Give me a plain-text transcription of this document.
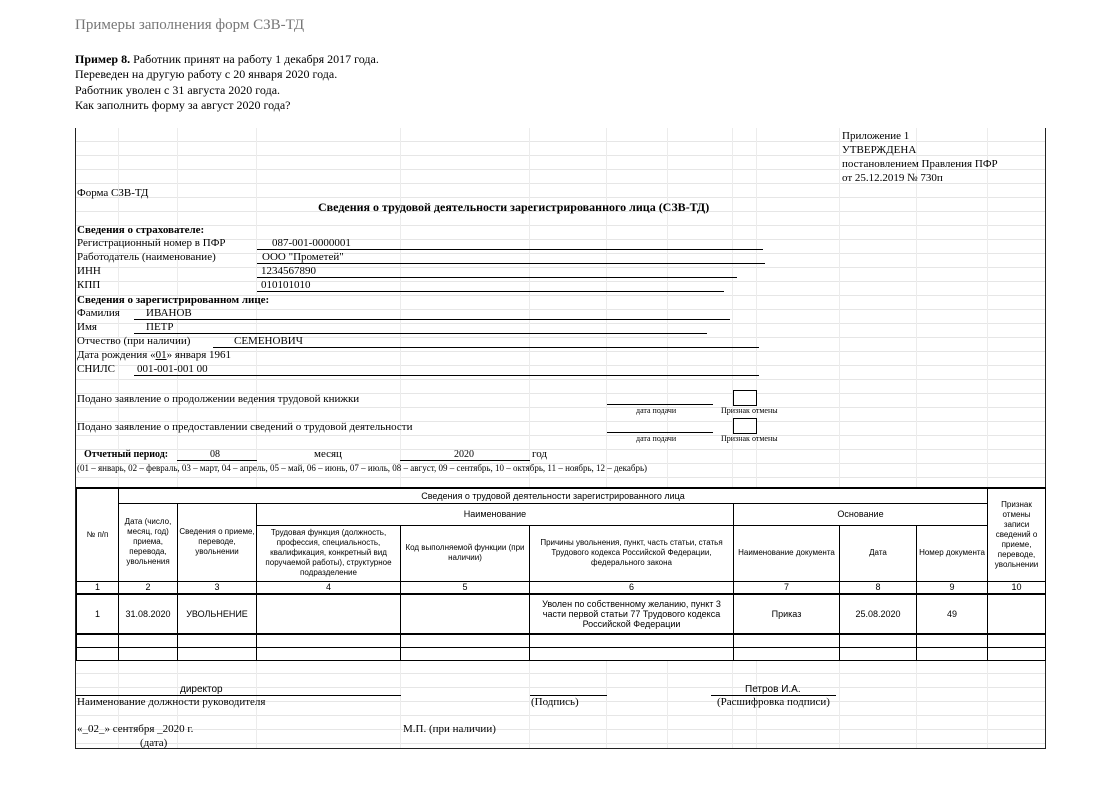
Примеры заполнения форм СЗВ-ТД
Пример 8. Работник принят на работу 1 декабря 2017 года.
Переведен на другую работу с 20 января 2020 года.
Работник уволен с 31 августа 2020 года.
Как заполнить форму за август 2020 года?
Приложение 1
УТВЕРЖДЕНА
постановлением Правления ПФР
от 25.12.2019 № 730п
Форма СЗВ-ТД
Сведения о трудовой деятельности зарегистрированного лица (СЗВ-ТД)
Сведения о страхователе:
Регистрационный номер в ПФР	087-001-0000001
Работодатель (наименование)	ООО "Прометей"
ИНН	1234567890
КПП	010101010
Сведения о зарегистрированном лице:
Фамилия ИВАНОВ
Имя	ПЕТР
Отчество (при наличии)	СЕМЕНОВИЧ
Дата рождения «01» января 1961
СНИЛС 001-001-001 00
Подано заявление о продолжении ведения трудовой книжки
дата подачи	Признак отмены
Подано заявление о предоставлении сведений о трудовой деятельности
дата подачи	Признак отмены
Отчетный период:	08	месяц	2020	год
(01 – январь, 02 – февраль, 03 – март, 04 – апрель, 05 – май, 06 – июнь, 07 – июль, 08 – август, 09 – сентябрь, 10 – октябрь, 11 – ноябрь, 12 – декабрь)
№ п/п	Сведения о трудовой деятельности зарегистрированного лица								Признак отмены записи сведений о приеме, переводе, увольнении
	Дата (число, месяц, год) приема, перевода, увольнения	Сведения о приеме, переводе, увольнении	Наименование			Основание			
			Трудовая функция (должность, профессия, специальность, квалификация, конкретный вид поручаемой работы), структурное подразделение	Код выполняемой функции (при наличии)	Причины увольнения, пункт, часть статьи, статья Трудового кодекса Российской Федерации, федерального закона	Наименование документа	Дата	Номер документа	
1	2	3	4	5	6	7	8	9	10
1	31.08.2020	УВОЛЬНЕНИЕ			Уволен по собственному желанию, пункт 3 части первой статьи 77 Трудового кодекса Российской Федерации	Приказ	25.08.2020	49	

директор
Наименование должности руководителя	(Подпись)
Петров И.А.
(Расшифровка подписи)
«_02_» сентября _2020 г.
(дата)
М.П. (при наличии)
